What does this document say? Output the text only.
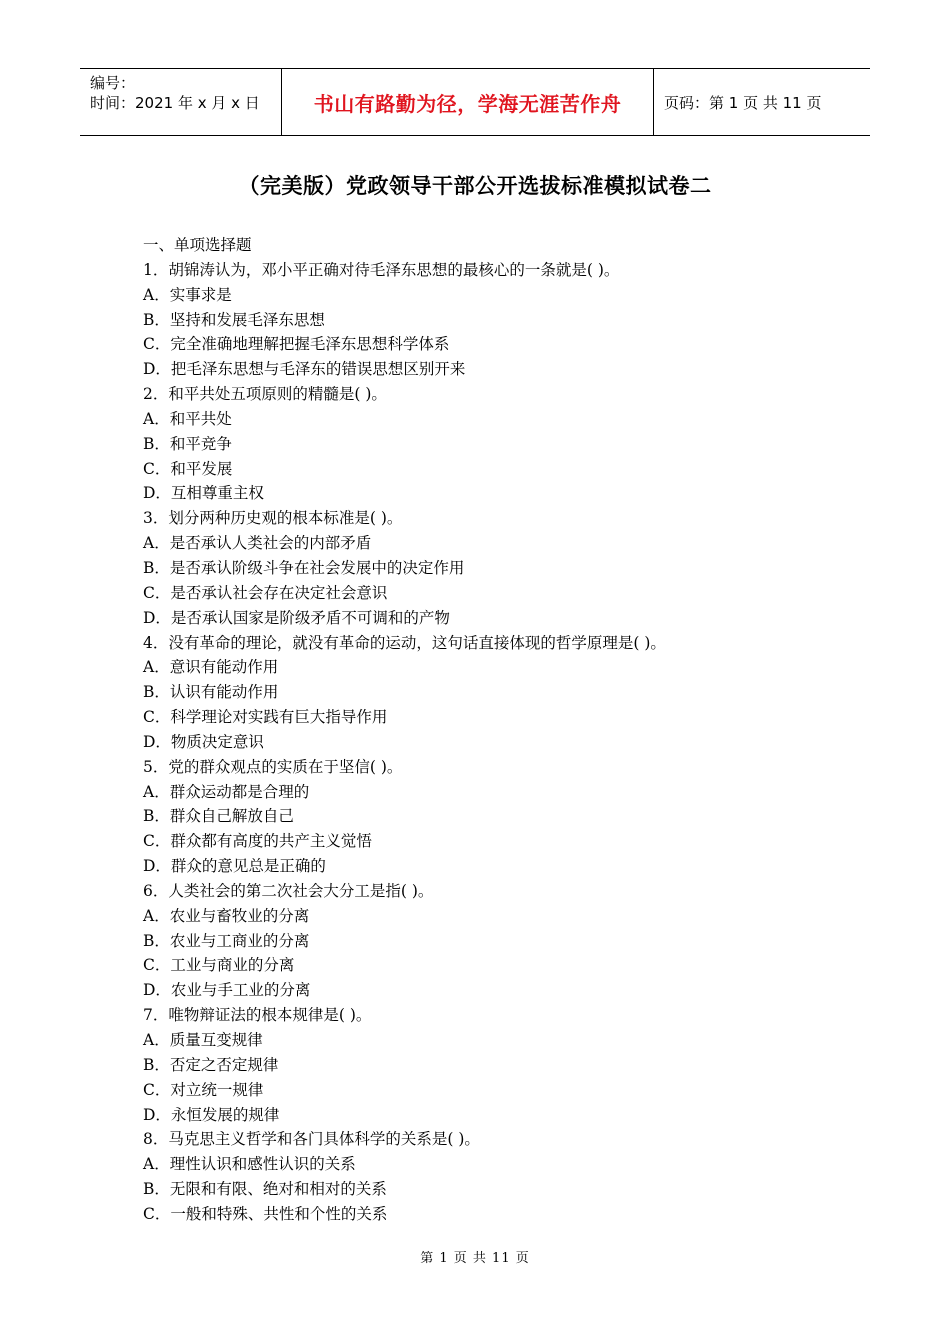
编号：
时间：2021 年 x 月 x 日	书山有路勤为径，学海无涯苦作舟	页码：第 1 页 共 11 页
（完美版）党政领导干部公开选拔标准模拟试卷二
一、单项选择题
1．胡锦涛认为，邓小平正确对待毛泽东思想的最核心的一条就是( )。
A．实事求是
B．坚持和发展毛泽东思想
C．完全准确地理解把握毛泽东思想科学体系
D．把毛泽东思想与毛泽东的错误思想区别开来
2．和平共处五项原则的精髓是( )。
A．和平共处
B．和平竞争
C．和平发展
D．互相尊重主权
3．划分两种历史观的根本标准是( )。
A．是否承认人类社会的内部矛盾
B．是否承认阶级斗争在社会发展中的决定作用
C．是否承认社会存在决定社会意识
D．是否承认国家是阶级矛盾不可调和的产物
4．没有革命的理论，就没有革命的运动，这句话直接体现的哲学原理是( )。
A．意识有能动作用
B．认识有能动作用
C．科学理论对实践有巨大指导作用
D．物质决定意识
5．党的群众观点的实质在于坚信( )。
A．群众运动都是合理的
B．群众自己解放自己
C．群众都有高度的共产主义觉悟
D．群众的意见总是正确的
6．人类社会的第二次社会大分工是指( )。
A．农业与畜牧业的分离
B．农业与工商业的分离
C．工业与商业的分离
D．农业与手工业的分离
7．唯物辩证法的根本规律是( )。
A．质量互变规律
B．否定之否定规律
C．对立统一规律
D．永恒发展的规律
8．马克思主义哲学和各门具体科学的关系是( )。
A．理性认识和感性认识的关系
B．无限和有限、绝对和相对的关系
C．一般和特殊、共性和个性的关系
第 1 页 共 11 页
